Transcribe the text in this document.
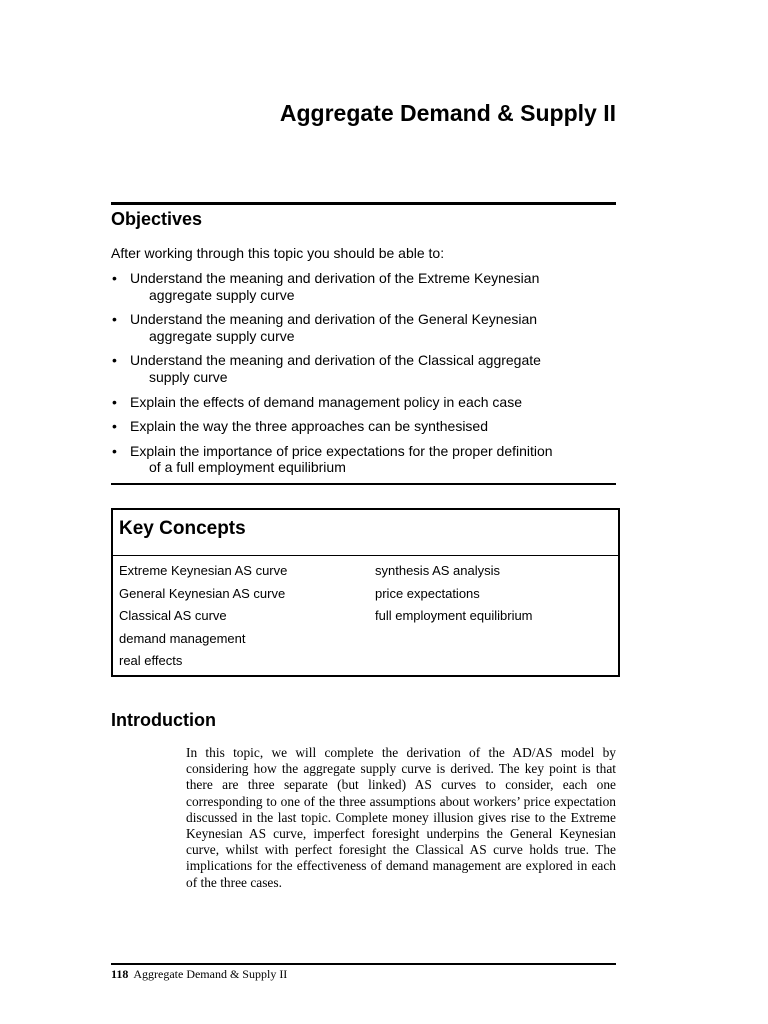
Aggregate Demand & Supply II
Objectives
After working through this topic you should be able to:
• Understand the meaning and derivation of the Extreme Keynesian
aggregate supply curve
• Understand the meaning and derivation of the General Keynesian
aggregate supply curve
• Understand the meaning and derivation of the Classical aggregate
supply curve
• Explain the effects of demand management policy in each case
• Explain the way the three approaches can be synthesised
• Explain the importance of price expectations for the proper definition
of a full employment equilibrium
Key Concepts
Extreme Keynesian AS curve
General Keynesian AS curve
Classical AS curve
demand management
real effects
synthesis AS analysis
price expectations
full employment equilibrium
Introduction
In this topic, we will complete the derivation of the AD/AS model by considering how the aggregate supply curve is derived. The key point is that there are three separate (but linked) AS curves to consider, each one corresponding to one of the three assumptions about workers’ price expectation discussed in the last topic. Complete money illusion gives rise to the Extreme Keynesian AS curve, imperfect foresight underpins the General Keynesian curve, whilst with perfect foresight the Classical AS curve holds true. The implications for the effectiveness of demand management are explored in each of the three cases.
118 Aggregate Demand & Supply II
